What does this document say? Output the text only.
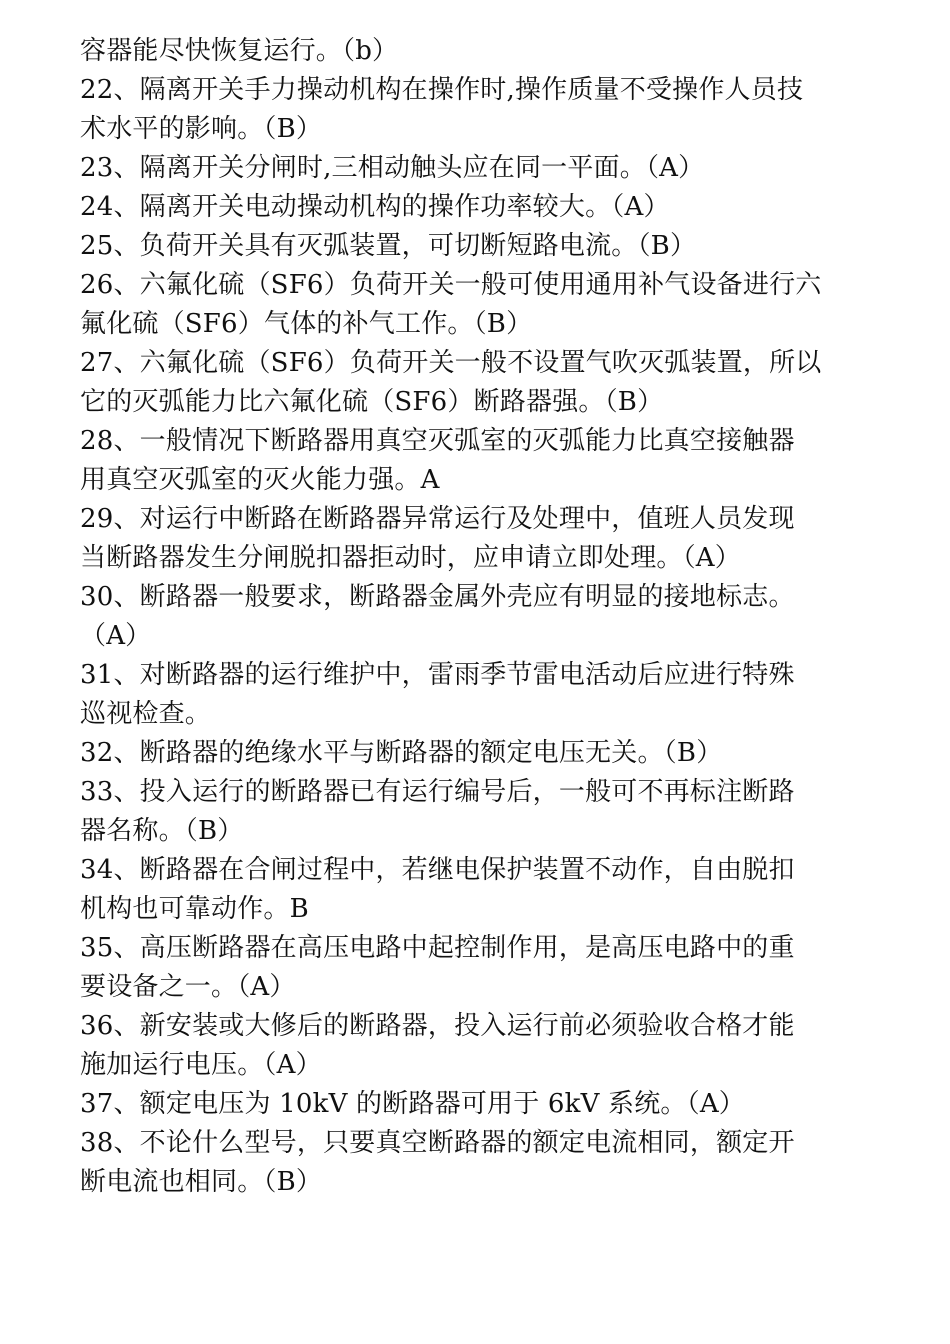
容器能尽快恢复运行。（b）
22、隔离开关手力操动机构在操作时,操作质量不受操作人员技
术水平的影响。（B）
23、隔离开关分闸时,三相动触头应在同一平面。（A）
24、隔离开关电动操动机构的操作功率较大。（A）
25、负荷开关具有灭弧装置，可切断短路电流。（B）
26、六氟化硫（SF6）负荷开关一般可使用通用补气设备进行六
氟化硫（SF6）气体的补气工作。（B）
27、六氟化硫（SF6）负荷开关一般不设置气吹灭弧装置，所以
它的灭弧能力比六氟化硫（SF6）断路器强。（B）
28、一般情况下断路器用真空灭弧室的灭弧能力比真空接触器
用真空灭弧室的灭火能力强。A
29、对运行中断路在断路器异常运行及处理中，值班人员发现
当断路器发生分闸脱扣器拒动时，应申请立即处理。（A）
30、断路器一般要求，断路器金属外壳应有明显的接地标志。
（A）
31、对断路器的运行维护中，雷雨季节雷电活动后应进行特殊
巡视检查。
32、断路器的绝缘水平与断路器的额定电压无关。（B）
33、投入运行的断路器已有运行编号后，一般可不再标注断路
器名称。（B）
34、断路器在合闸过程中，若继电保护装置不动作，自由脱扣
机构也可靠动作。B
35、高压断路器在高压电路中起控制作用，是高压电路中的重
要设备之一。（A）
36、新安装或大修后的断路器，投入运行前必须验收合格才能
施加运行电压。（A）
37、额定电压为 10kV 的断路器可用于 6kV 系统。（A）
38、不论什么型号，只要真空断路器的额定电流相同，额定开
断电流也相同。（B）
